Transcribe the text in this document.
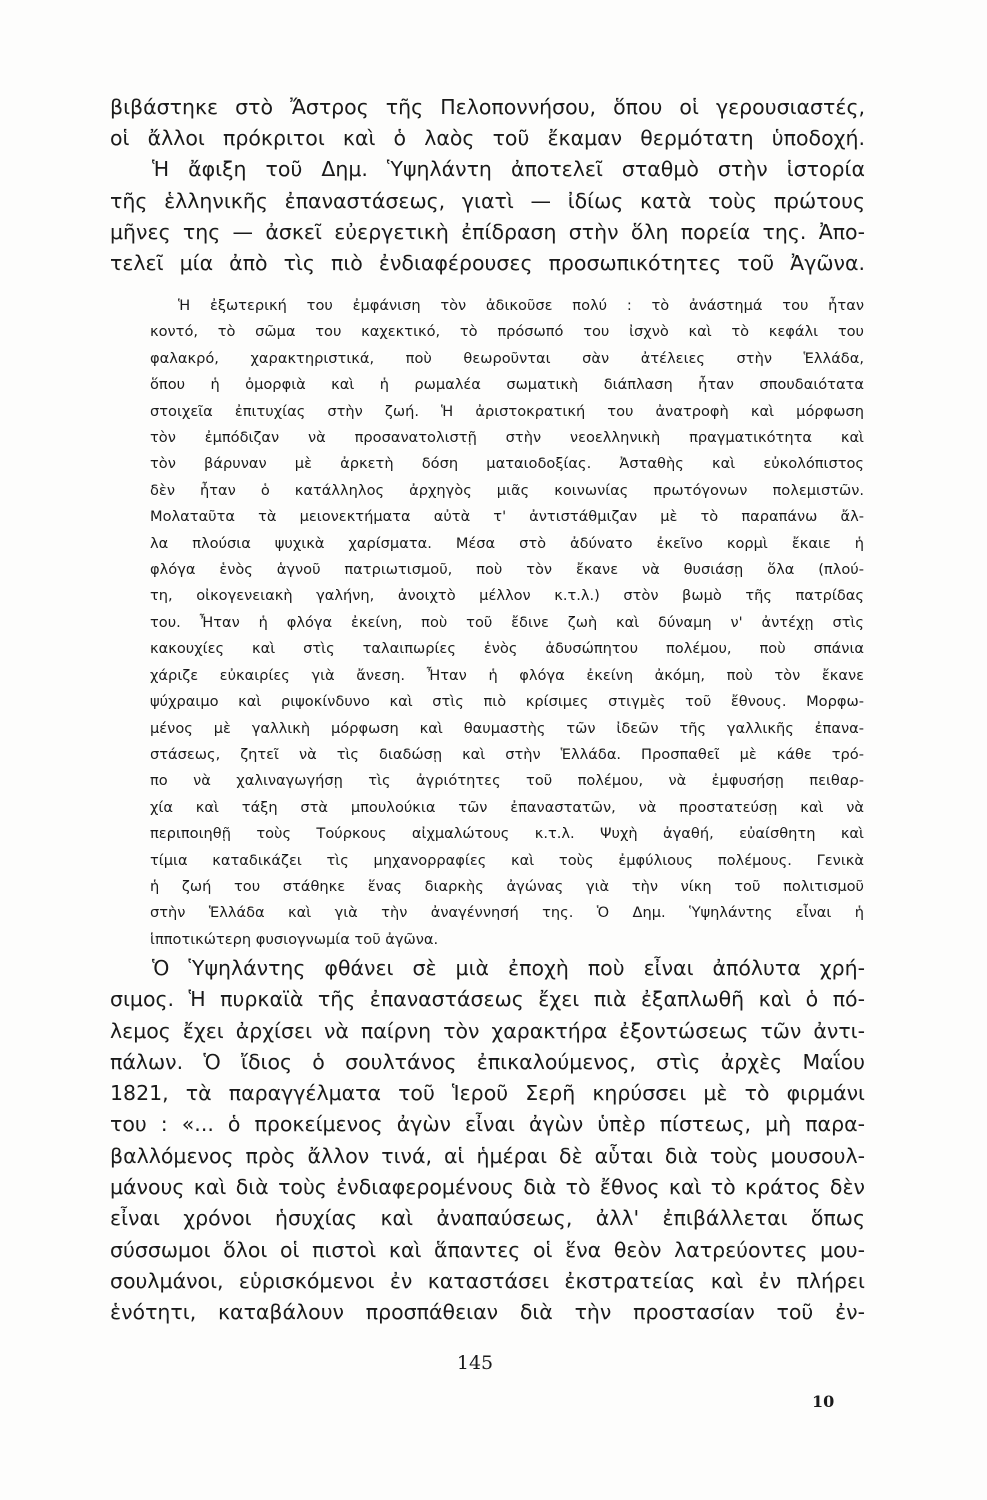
βιβάστηκε στὸ Ἄστρος τῆς Πελοποννήσου, ὅπου οἱ γερουσιαστές,
οἱ ἄλλοι πρόκριτοι καὶ ὁ λαὸς τοῦ ἔκαμαν θερμότατη ὑποδοχή.
Ἡ ἄφιξη τοῦ Δημ. Ὑψηλάντη ἀποτελεῖ σταθμὸ στὴν ἱστορία
τῆς ἑλληνικῆς ἐπαναστάσεως, γιατὶ — ἰδίως κατὰ τοὺς πρώτους
μῆνες της — ἀσκεῖ εὐεργετικὴ ἐπίδραση στὴν ὅλη πορεία της. Ἀπο-
τελεῖ μία ἀπὸ τὶς πιὸ ἐνδιαφέρουσες προσωπικότητες τοῦ Ἀγῶνα.
Ἡ ἐξωτερική του ἐμφάνιση τὸν ἀδικοῦσε πολύ : τὸ ἀνάστημά του ἦταν
κοντό, τὸ σῶμα του καχεκτικό, τὸ πρόσωπό του ἰσχνὸ καὶ τὸ κεφάλι του
φαλακρό, χαρακτηριστικά, ποὺ θεωροῦνται σὰν ἀτέλειες στὴν Ἑλλάδα,
ὅπου ἡ ὀμορφιὰ καὶ ἡ ρωμαλέα σωματικὴ διάπλαση ἦταν σπουδαιότατα
στοιχεῖα ἐπιτυχίας στὴν ζωή. Ἡ ἀριστοκρατική του ἀνατροφὴ καὶ μόρφωση
τὸν ἐμπόδιζαν νὰ προσανατολιστῇ στὴν νεοελληνικὴ πραγματικότητα καὶ
τὸν βάρυναν μὲ ἀρκετὴ δόση ματαιοδοξίας. Ἀσταθὴς καὶ εὐκολόπιστος
δὲν ἦταν ὁ κατάλληλος ἀρχηγὸς μιᾶς κοινωνίας πρωτόγονων πολεμιστῶν.
Μολαταῦτα τὰ μειονεκτήματα αὐτὰ τ' ἀντιστάθμιζαν μὲ τὸ παραπάνω ἄλ-
λα πλούσια ψυχικὰ χαρίσματα. Μέσα στὸ ἀδύνατο ἐκεῖνο κορμὶ ἔκαιε ἡ
φλόγα ἑνὸς ἁγνοῦ πατριωτισμοῦ, ποὺ τὸν ἔκανε νὰ θυσιάσῃ ὅλα (πλού-
τη, οἰκογενειακὴ γαλήνη, ἀνοιχτὸ μέλλον κ.τ.λ.) στὸν βωμὸ τῆς πατρίδας
του. Ἦταν ἡ φλόγα ἐκείνη, ποὺ τοῦ ἔδινε ζωὴ καὶ δύναμη ν' ἀντέχῃ στὶς
κακουχίες καὶ στὶς ταλαιπωρίες ἑνὸς ἀδυσώπητου πολέμου, ποὺ σπάνια
χάριζε εὐκαιρίες γιὰ ἄνεση. Ἦταν ἡ φλόγα ἐκείνη ἀκόμη, ποὺ τὸν ἔκανε
ψύχραιμο καὶ ριψοκίνδυνο καὶ στὶς πιὸ κρίσιμες στιγμὲς τοῦ ἔθνους. Μορφω-
μένος μὲ γαλλικὴ μόρφωση καὶ θαυμαστὴς τῶν ἰδεῶν τῆς γαλλικῆς ἐπανα-
στάσεως, ζητεῖ νὰ τὶς διαδώσῃ καὶ στὴν Ἑλλάδα. Προσπαθεῖ μὲ κάθε τρό-
πο νὰ χαλιναγωγήσῃ τὶς ἀγριότητες τοῦ πολέμου, νὰ ἐμφυσήσῃ πειθαρ-
χία καὶ τάξη στὰ μπουλούκια τῶν ἐπαναστατῶν, νὰ προστατεύσῃ καὶ νὰ
περιποιηθῇ τοὺς Τούρκους αἰχμαλώτους κ.τ.λ. Ψυχὴ ἀγαθή, εὐαίσθητη καὶ
τίμια καταδικάζει τὶς μηχανορραφίες καὶ τοὺς ἐμφύλιους πολέμους. Γενικὰ
ἡ ζωή του στάθηκε ἕνας διαρκὴς ἀγώνας γιὰ τὴν νίκη τοῦ πολιτισμοῦ
στὴν Ἑλλάδα καὶ γιὰ τὴν ἀναγέννησή της. Ὁ Δημ. Ὑψηλάντης εἶναι ἡ
ἱπποτικώτερη φυσιογνωμία τοῦ ἀγῶνα.
Ὁ Ὑψηλάντης φθάνει σὲ μιὰ ἐποχὴ ποὺ εἶναι ἀπόλυτα χρή-
σιμος. Ἡ πυρκαϊὰ τῆς ἐπαναστάσεως ἔχει πιὰ ἐξαπλωθῆ καὶ ὁ πό-
λεμος ἔχει ἀρχίσει νὰ παίρνη τὸν χαρακτήρα ἐξοντώσεως τῶν ἀντι-
πάλων. Ὁ ἴδιος ὁ σουλτάνος ἐπικαλούμενος, στὶς ἀρχὲς Μαΐου
1821, τὰ παραγγέλματα τοῦ Ἱεροῦ Σερῆ κηρύσσει μὲ τὸ φιρμάνι
του : «... ὁ προκείμενος ἀγὼν εἶναι ἀγὼν ὑπὲρ πίστεως, μὴ παρα-
βαλλόμενος πρὸς ἄλλον τινά, αἱ ἡμέραι δὲ αὗται διὰ τοὺς μουσουλ-
μάνους καὶ διὰ τοὺς ἐνδιαφερομένους διὰ τὸ ἔθνος καὶ τὸ κράτος δὲν
εἶναι χρόνοι ἡσυχίας καὶ ἀναπαύσεως, ἀλλ' ἐπιβάλλεται ὅπως
σύσσωμοι ὅλοι οἱ πιστοὶ καὶ ἅπαντες οἱ ἕνα θεὸν λατρεύοντες μου-
σουλμάνοι, εὑρισκόμενοι ἐν καταστάσει ἐκστρατείας καὶ ἐν πλήρει
ἑνότητι, καταβάλουν προσπάθειαν διὰ τὴν προστασίαν τοῦ ἐν-
145
10
